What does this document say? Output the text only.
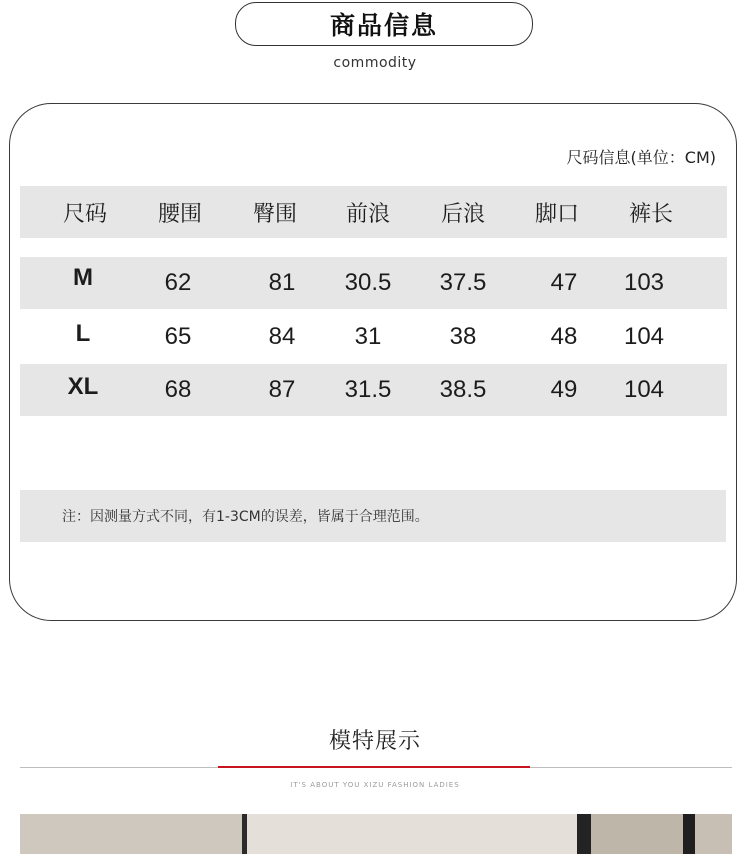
商品信息
commodity
尺码信息(单位：CM)
尺码	腰围	臀围	前浪	后浪	脚口	裤长
M	62	81	30.5	37.5	47	103
L	65	84	31	38	48	104
XL	68	87	31.5	38.5	49	104
注：因测量方式不同，有1-3CM的误差，皆属于合理范围。
模特展示
IT'S ABOUT YOU XIZU FASHION LADIES
